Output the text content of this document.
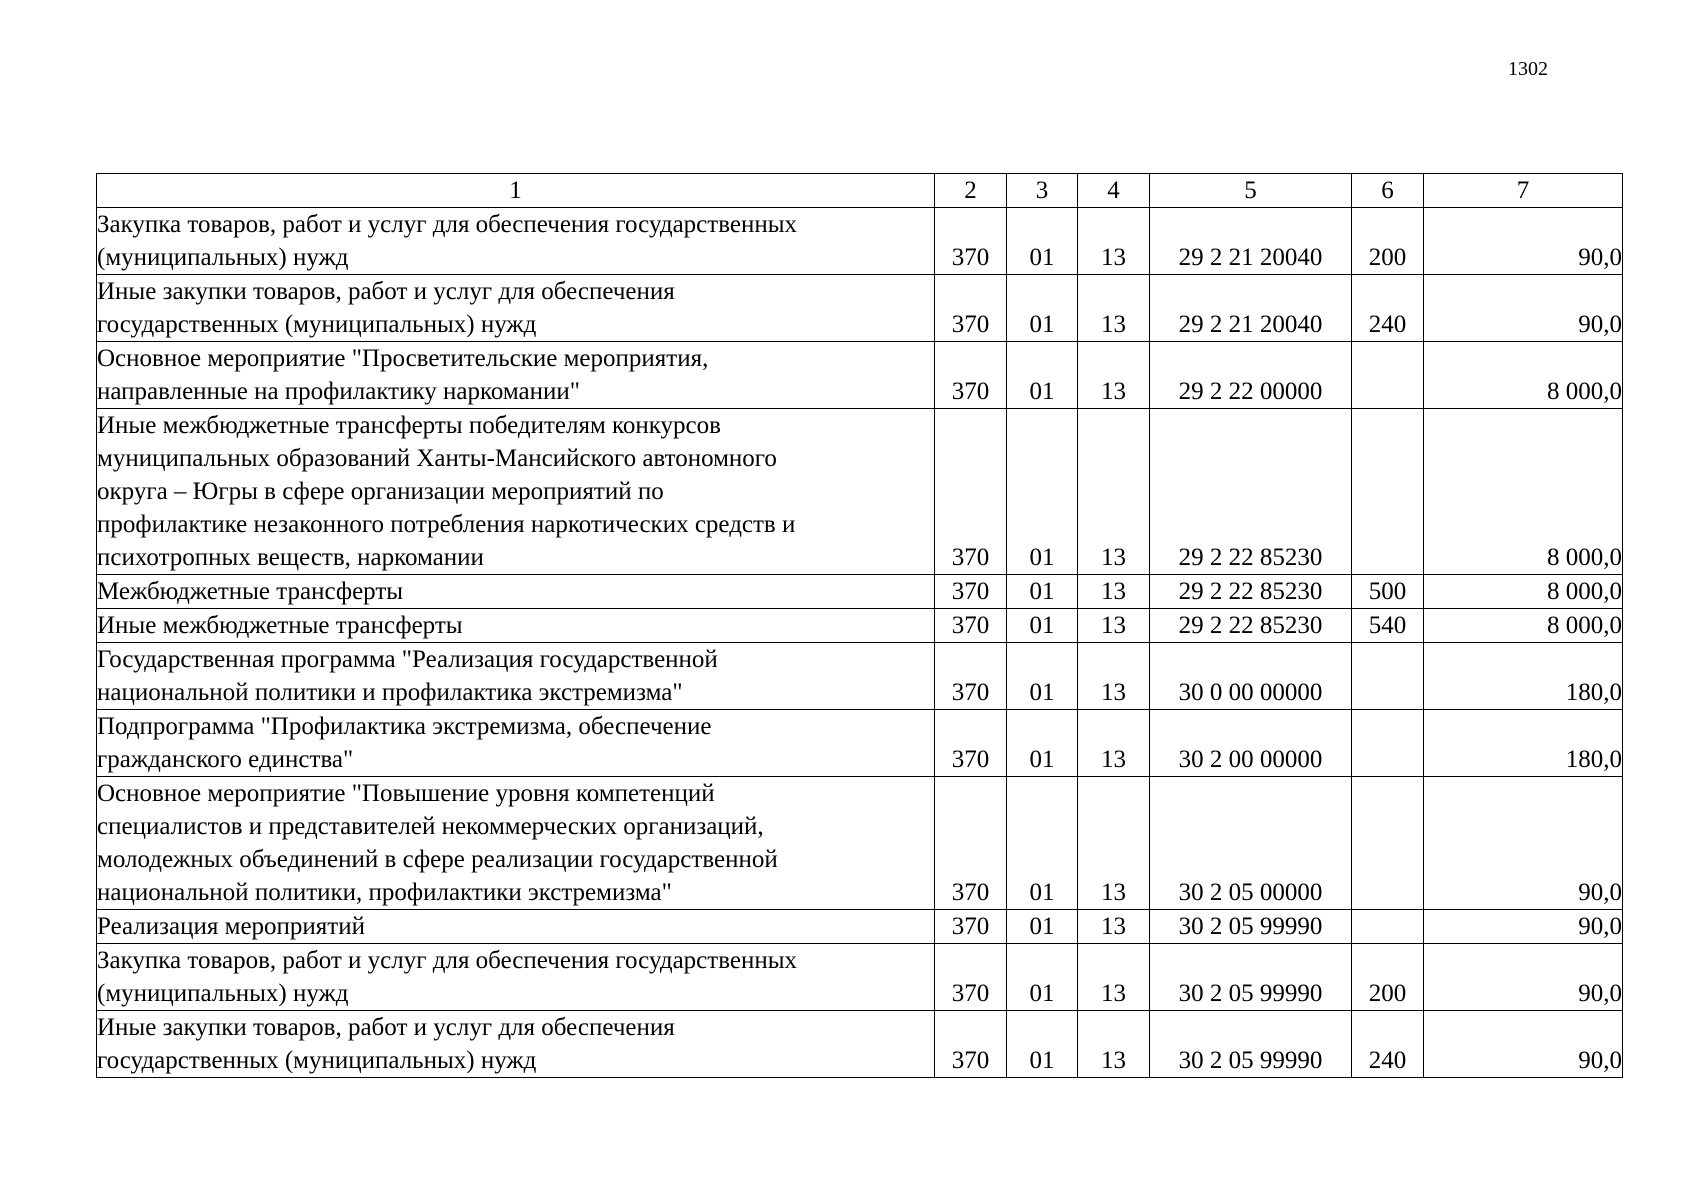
1302
1	2	3	4	5	6	7

Закупка товаров, работ и услуг для обеспечения государственных
(муниципальных) нужд	370	01	13	29 2 21 20040	200	90,0

Иные закупки товаров, работ и услуг для обеспечения
государственных (муниципальных) нужд	370	01	13	29 2 21 20040	240	90,0

Основное мероприятие "Просветительские мероприятия,
направленные на профилактику наркомании"	370	01	13	29 2 22 00000		8 000,0

Иные межбюджетные трансферты победителям конкурсов
муниципальных образований Ханты-Мансийского автономного
округа – Югры в сфере организации мероприятий по
профилактике незаконного потребления наркотических средств и
психотропных веществ, наркомании	370	01	13	29 2 22 85230		8 000,0

Межбюджетные трансферты	370	01	13	29 2 22 85230	500	8 000,0

Иные межбюджетные трансферты	370	01	13	29 2 22 85230	540	8 000,0

Государственная программа "Реализация государственной
национальной политики и профилактика экстремизма"	370	01	13	30 0 00 00000		180,0

Подпрограмма "Профилактика экстремизма, обеспечение
гражданского единства"	370	01	13	30 2 00 00000		180,0

Основное мероприятие "Повышение уровня компетенций
специалистов и представителей некоммерческих организаций,
молодежных объединений в сфере реализации государственной
национальной политики, профилактики экстремизма"	370	01	13	30 2 05 00000		90,0

Реализация мероприятий	370	01	13	30 2 05 99990		90,0

Закупка товаров, работ и услуг для обеспечения государственных
(муниципальных) нужд	370	01	13	30 2 05 99990	200	90,0

Иные закупки товаров, работ и услуг для обеспечения
государственных (муниципальных) нужд	370	01	13	30 2 05 99990	240	90,0
